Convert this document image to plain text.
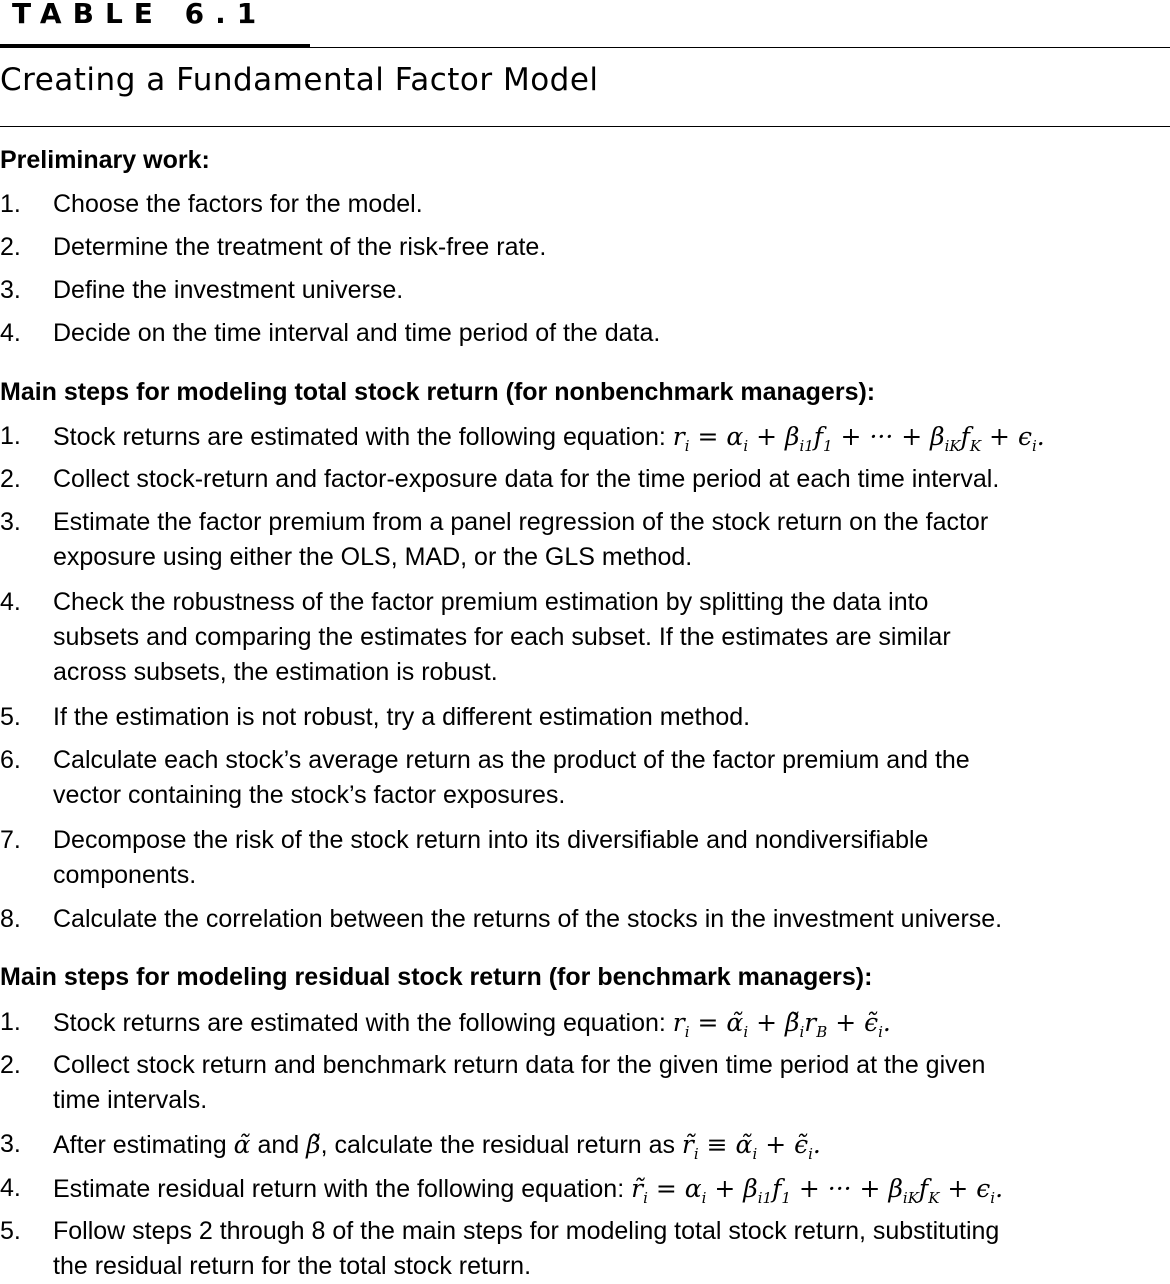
TABLE 6.1
Creating a Fundamental Factor Model
Preliminary work:
1.	Choose the factors for the model.
2.	Determine the treatment of the risk-free rate.
3.	Define the investment universe.
4.	Decide on the time interval and time period of the data.
Main steps for modeling total stock return (for nonbenchmark managers):
1.	Stock returns are estimated with the following equation: $r_i = \alpha_i + \beta_{i1}f_1$ + ··· + $\beta_{iK}f_K + \epsilon_i$.
2.	Collect stock-return and factor-exposure data for the time period at each time interval.
3.	Estimate the factor premium from a panel regression of the stock return on the factor
exposure using either the OLS, MAD, or the GLS method.
4.	Check the robustness of the factor premium estimation by splitting the data into
subsets and comparing the estimates for each subset. If the estimates are similar
across subsets, the estimation is robust.
5.	If the estimation is not robust, try a different estimation method.
6.	Calculate each stock’s average return as the product of the factor premium and the
vector containing the stock’s factor exposures.
7.	Decompose the risk of the stock return into its diversifiable and nondiversifiable
components.
8.	Calculate the correlation between the returns of the stocks in the investment universe.
Main steps for modeling residual stock return (for benchmark managers):
1.	Stock returns are estimated with the following equation: $r_i$ = $\alphã_i$ + $\betã_ir_B$ + $\epsiloñ_i$.
2.	Collect stock return and benchmark return data for the given time period at the given
time intervals.
3.	After estimating α̃ and β̃, calculate the residual return as $r̃_i$ ≡ $\alphã_i$ + $\epsiloñ_i$.
4.	Estimate residual return with the following equation: $r̃_i = \alpha_i + \beta_{i1}f_1$ + ··· + $\beta_{iK}f_K + \epsilon_i$.
5.	Follow steps 2 through 8 of the main steps for modeling total stock return, substituting
the residual return for the total stock return.
